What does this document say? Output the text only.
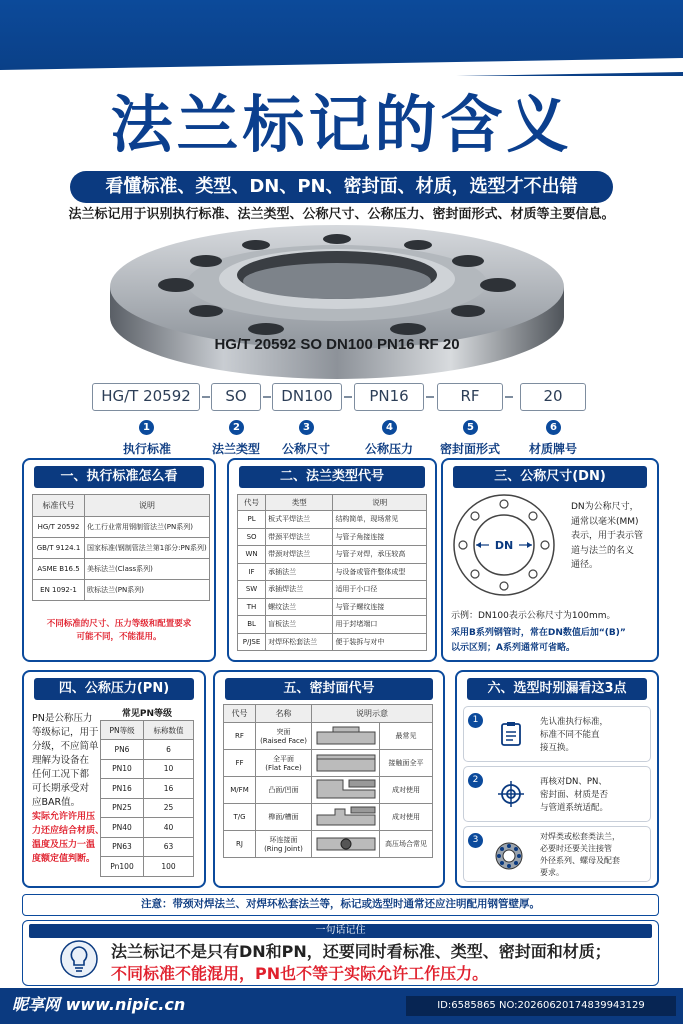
法兰标记的含义
看懂标准、类型、DN、PN、密封面、材质，选型才不出错
法兰标记用于识别执行标准、法兰类型、公称尺寸、公称压力、密封面形式、材质等主要信息。
HG/T 20592 SO DN100 PN16 RF 20
HG/T 20592	SO	DN100	PN16	RF	20
1
执行标准
2
法兰类型
3
公称尺寸
4
公称压力
5
密封面形式
6
材质牌号
一、执行标准怎么看
标准代号	说明
HG/T 20592	化工行业常用钢制管法兰(PN系列)
GB/T 9124.1	国家标准(钢制管法兰第1部分:PN系列)
ASME B16.5	美标法兰(Class系列)
EN 1092-1	欧标法兰(PN系列)
不同标准的尺寸、压力等级和配置要求
可能不同，不能混用。
二、法兰类型代号
代号	类型	说明
PL	板式平焊法兰	结构简单，现场常见
SO	带颈平焊法兰	与管子角接连接
WN	带颈对焊法兰	与管子对焊，承压较高
IF	承插法兰	与设备或管件整体成型
SW	承插焊法兰	适用于小口径
TH	螺纹法兰	与管子螺纹连接
BL	盲板法兰	用于封堵端口
P/JSE	对焊环松套法兰	便于装拆与对中
三、公称尺寸(DN)
DN
DN为公称尺寸，
通常以毫米(MM)
表示，用于表示管
道与法兰的名义
通径。
示例：DN100表示公称尺寸为100mm。
采用B系列钢管时，常在DN数值后加“(B)”
以示区别；A系列通常可省略。
四、公称压力(PN)
PN是公称压力
等级标记，用于
分级，不应简单
理解为设备在
任何工况下都
可长期承受对
应BAR值。
实际允许许用压
力还应结合材质、
温度及压力一温
度额定值判断。
常见PN等级
PN等级	标称数值
PN6	6
PN10	10
PN16	16
PN25	25
PN40	40
PN63	63
Pn100	100
五、密封面代号
代号	名称	说明示意	
RF	突面
(Raised Face)		最常见
FF	全平面
(Flat Face)		接触面全平
M/FM	凸面/凹面		成对使用
T/G	榫面/槽面		成对使用
RJ	环连接面
(Ring Joint)		高压场合常见
六、选型时别漏看这3点
1	先认准执行标准，
标准不同不能直
接互换。
2	再核对DN、PN、
密封面、材质是否
与管道系统适配。
3	对焊类或松套类法兰，
必要时还要关注接管
外径系列、螺母及配套
要求。
注意：带颈对焊法兰、对焊环松套法兰等，标记或选型时通常还应注明配用钢管壁厚。
一句话记住
法兰标记不是只有DN和PN，还要同时看标准、类型、密封面和材质；
不同标准不能混用，PN也不等于实际允许工作压力。
昵享网 www.nipic.cn	ID:6585865 NO:20260620174839943129
